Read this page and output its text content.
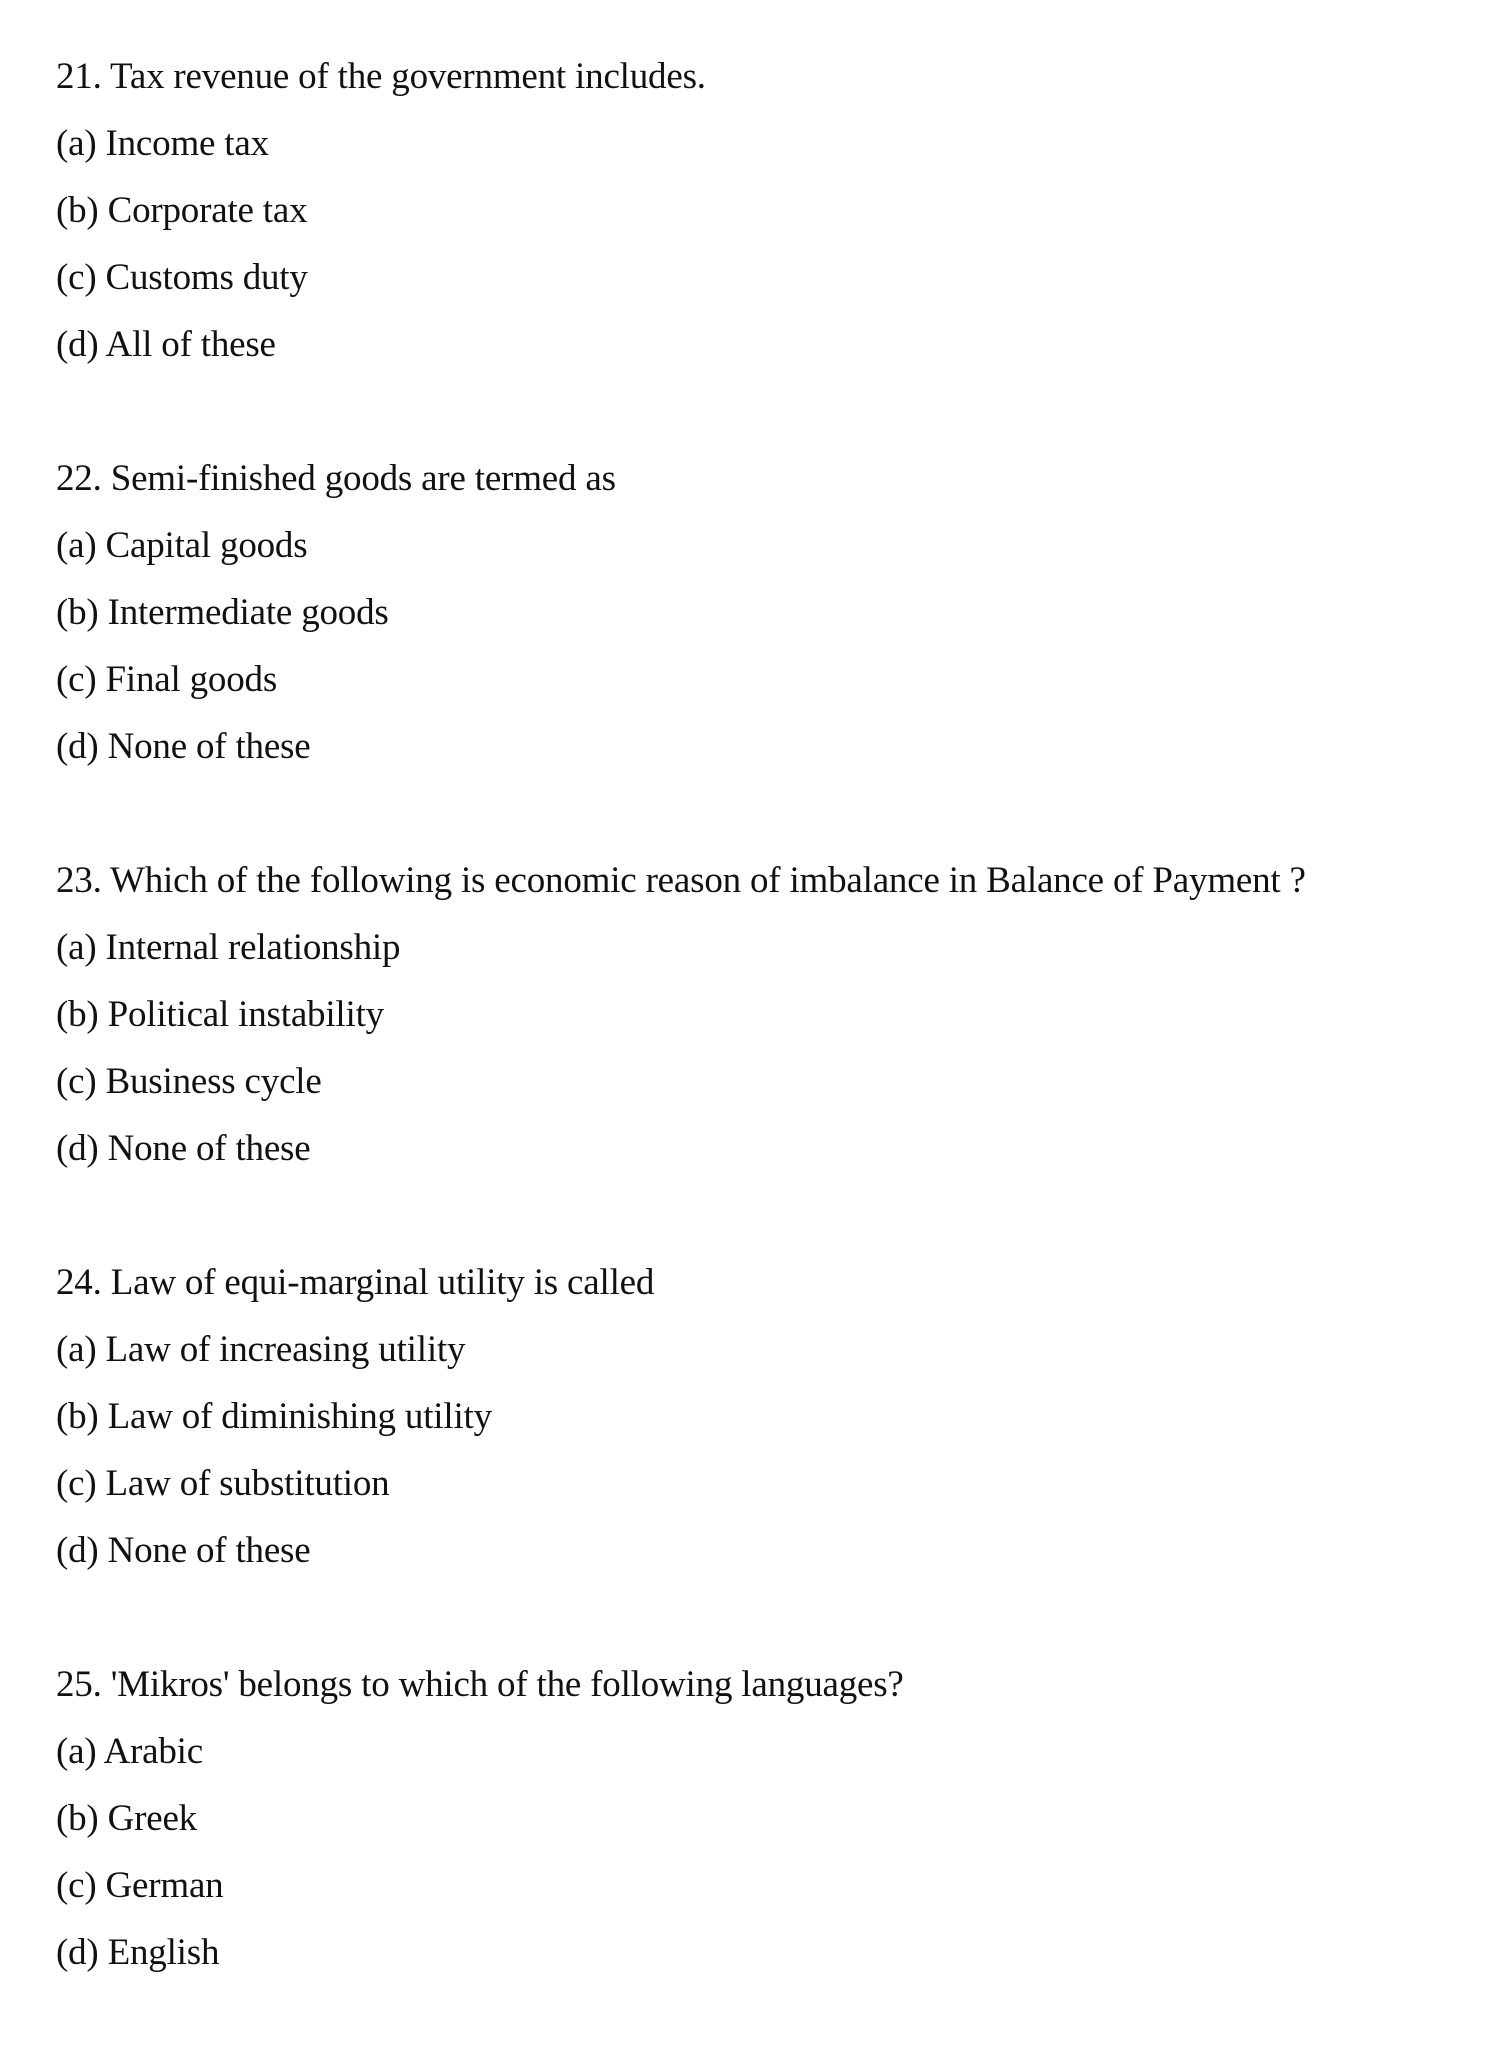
21. Tax revenue of the government includes.
(a) Income tax
(b) Corporate tax
(c) Customs duty
(d) All of these
22. Semi-finished goods are termed as
(a) Capital goods
(b) Intermediate goods
(c) Final goods
(d) None of these
23. Which of the following is economic reason of imbalance in Balance of Payment ?
(a) Internal relationship
(b) Political instability
(c) Business cycle
(d) None of these
24. Law of equi-marginal utility is called
(a) Law of increasing utility
(b) Law of diminishing utility
(c) Law of substitution
(d) None of these
25. 'Mikros' belongs to which of the following languages?
(a) Arabic
(b) Greek
(c) German
(d) English
